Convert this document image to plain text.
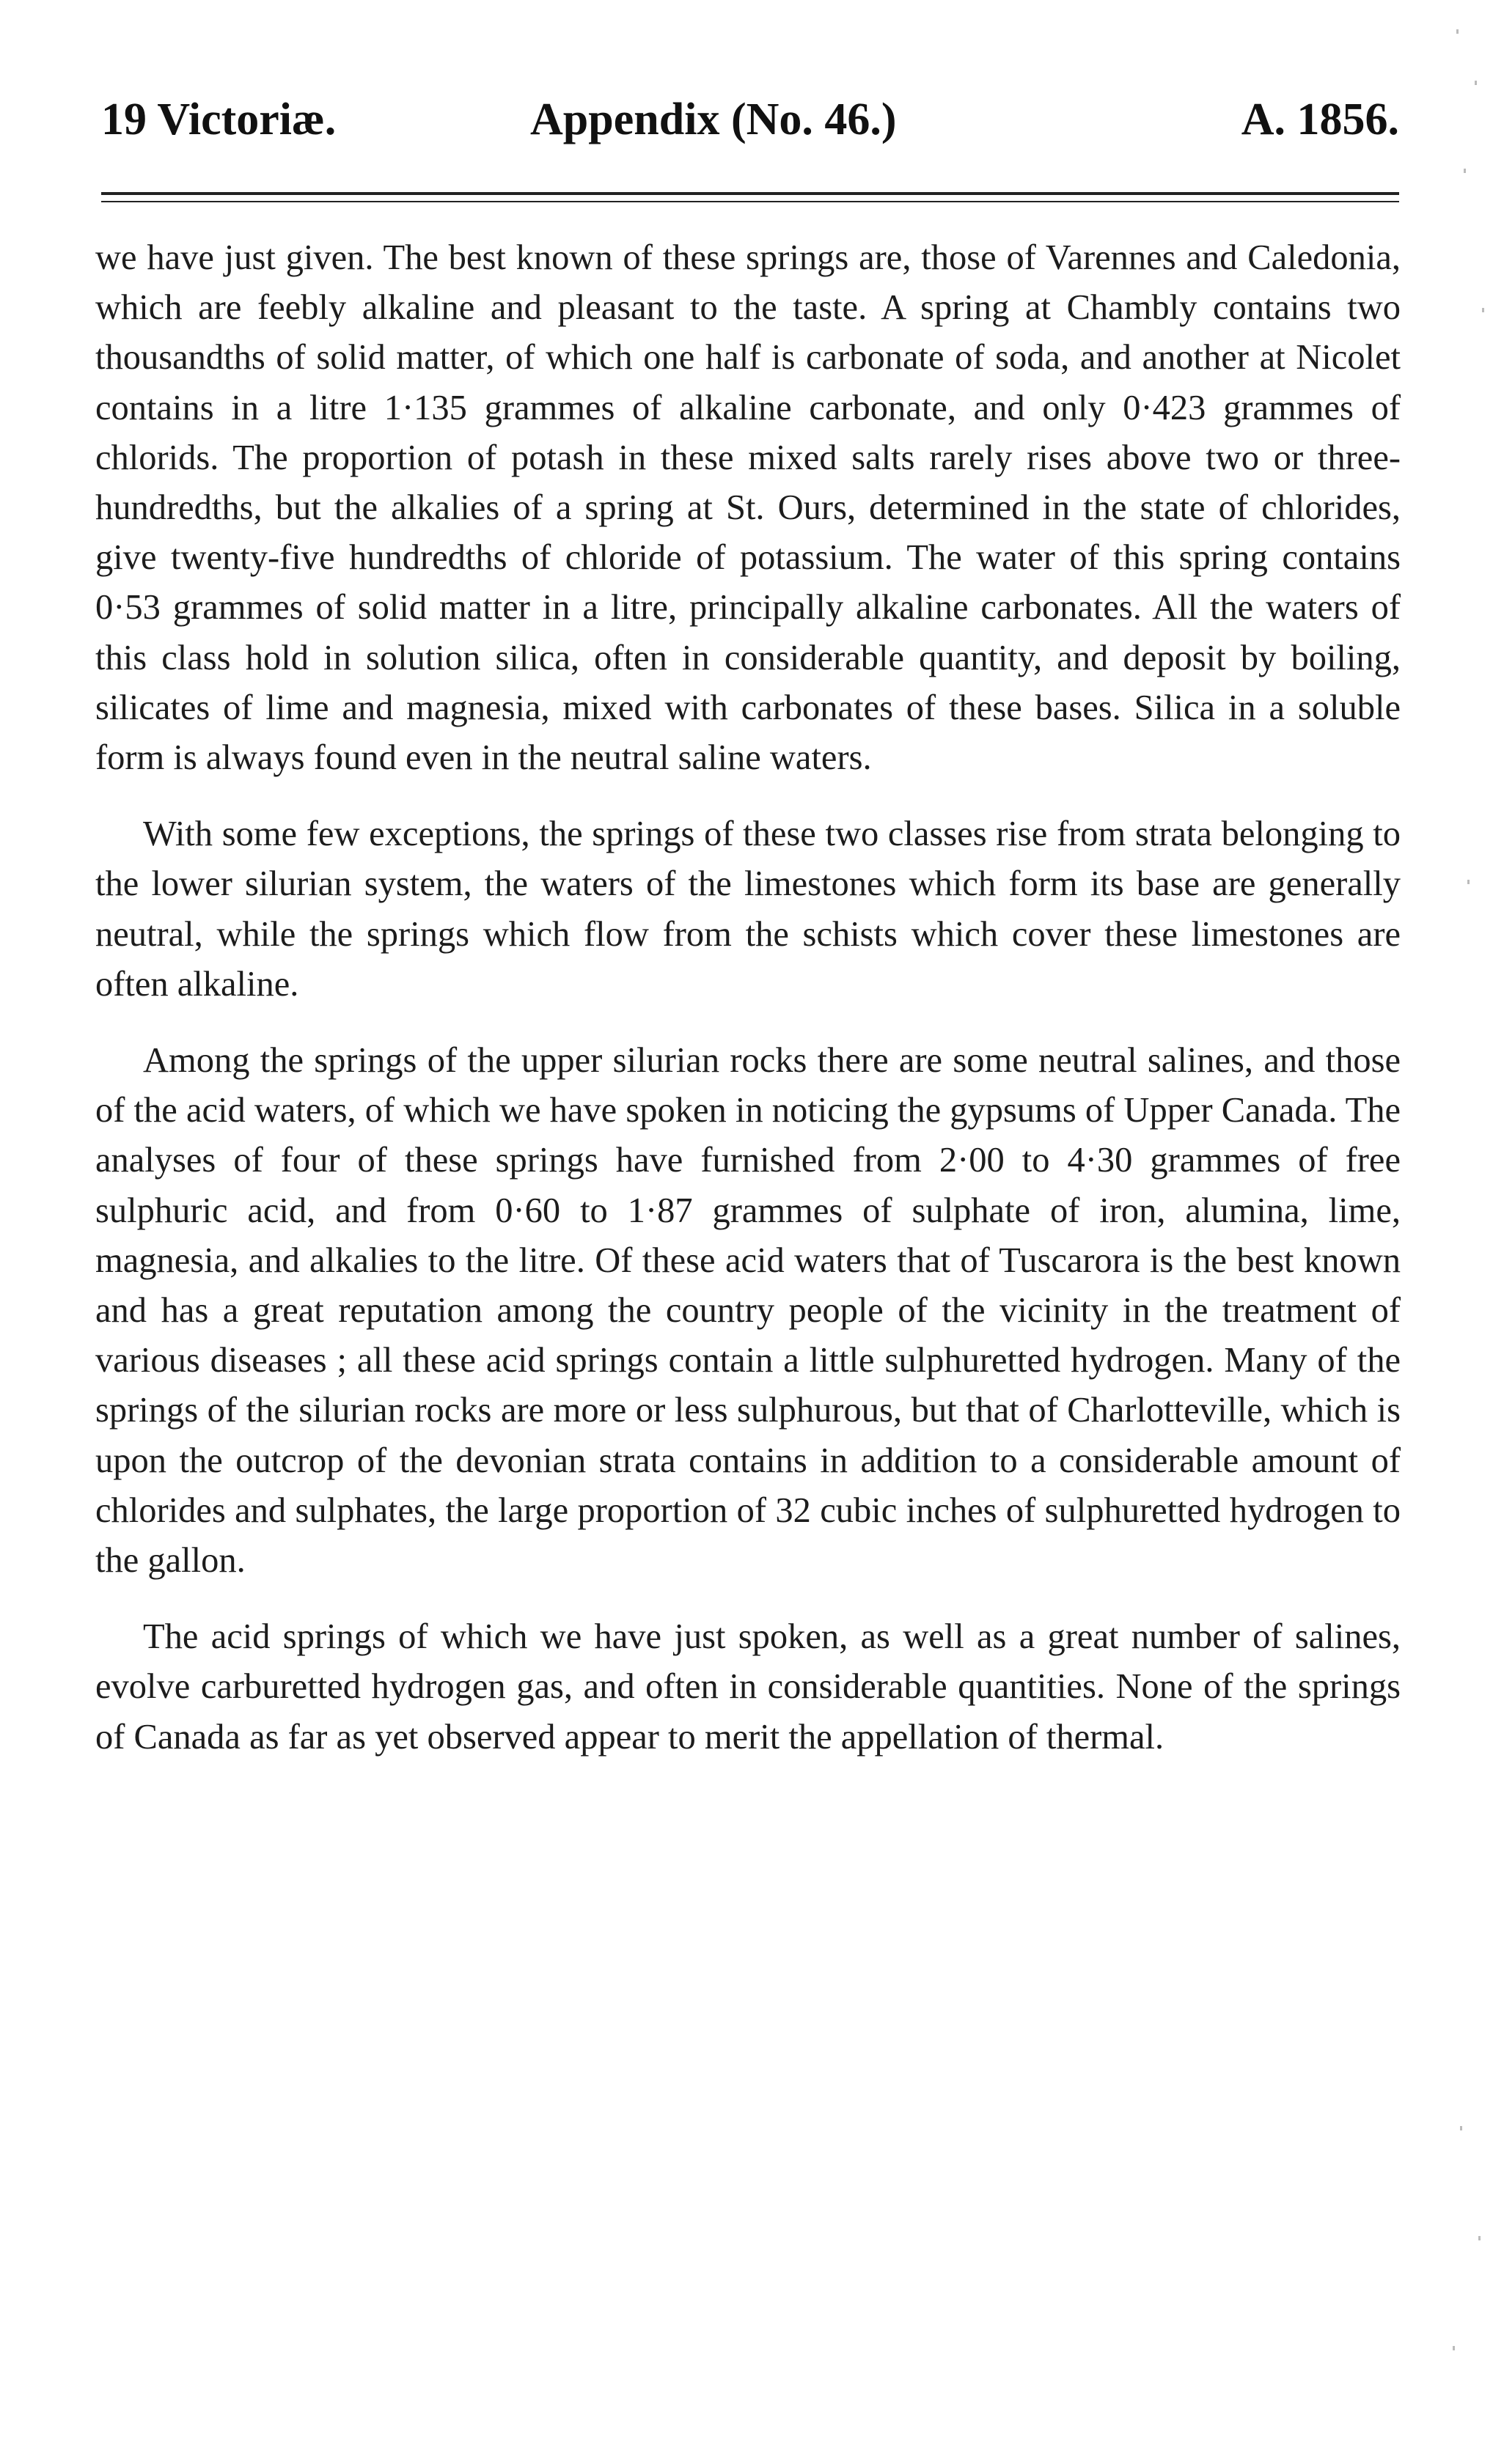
19 Victoriæ.	Appendix (No. 46.)	A. 1856.

we have just given. The best known of these springs are, those of Varennes and Caledonia, which are feebly alkaline and pleasant to the taste. A spring at Chambly contains two thousandths of solid matter, of which one half is carbonate of soda, and another at Nicolet contains in a litre 1·135 grammes of alkaline carbonate, and only 0·423 grammes of chlorids. The proportion of potash in these mixed salts rarely rises above two or three-hundredths, but the alkalies of a spring at St. Ours, determined in the state of chlorides, give twenty-five hundredths of chloride of potassium. The water of this spring contains 0·53 grammes of solid matter in a litre, principally alkaline carbonates. All the waters of this class hold in solution silica, often in considerable quantity, and deposit by boiling, silicates of lime and magnesia, mixed with carbonates of these bases. Silica in a soluble form is always found even in the neutral saline waters.

With some few exceptions, the springs of these two classes rise from strata belonging to the lower silurian system, the waters of the limestones which form its base are generally neutral, while the springs which flow from the schists which cover these limestones are often alkaline.

Among the springs of the upper silurian rocks there are some neutral salines, and those of the acid waters, of which we have spoken in noticing the gypsums of Upper Canada. The analyses of four of these springs have furnished from 2·00 to 4·30 grammes of free sulphuric acid, and from 0·60 to 1·87 grammes of sulphate of iron, alumina, lime, magnesia, and alkalies to the litre. Of these acid waters that of Tuscarora is the best known and has a great reputation among the country people of the vicinity in the treatment of various diseases ; all these acid springs contain a little sulphuretted hydrogen. Many of the springs of the silurian rocks are more or less sulphurous, but that of Charlotteville, which is upon the outcrop of the devonian strata contains in addition to a considerable amount of chlorides and sulphates, the large proportion of 32 cubic inches of sulphuretted hydrogen to the gallon.

The acid springs of which we have just spoken, as well as a great number of salines, evolve carburetted hydrogen gas, and often in considerable quantities. None of the springs of Canada as far as yet observed appear to merit the appellation of thermal.
